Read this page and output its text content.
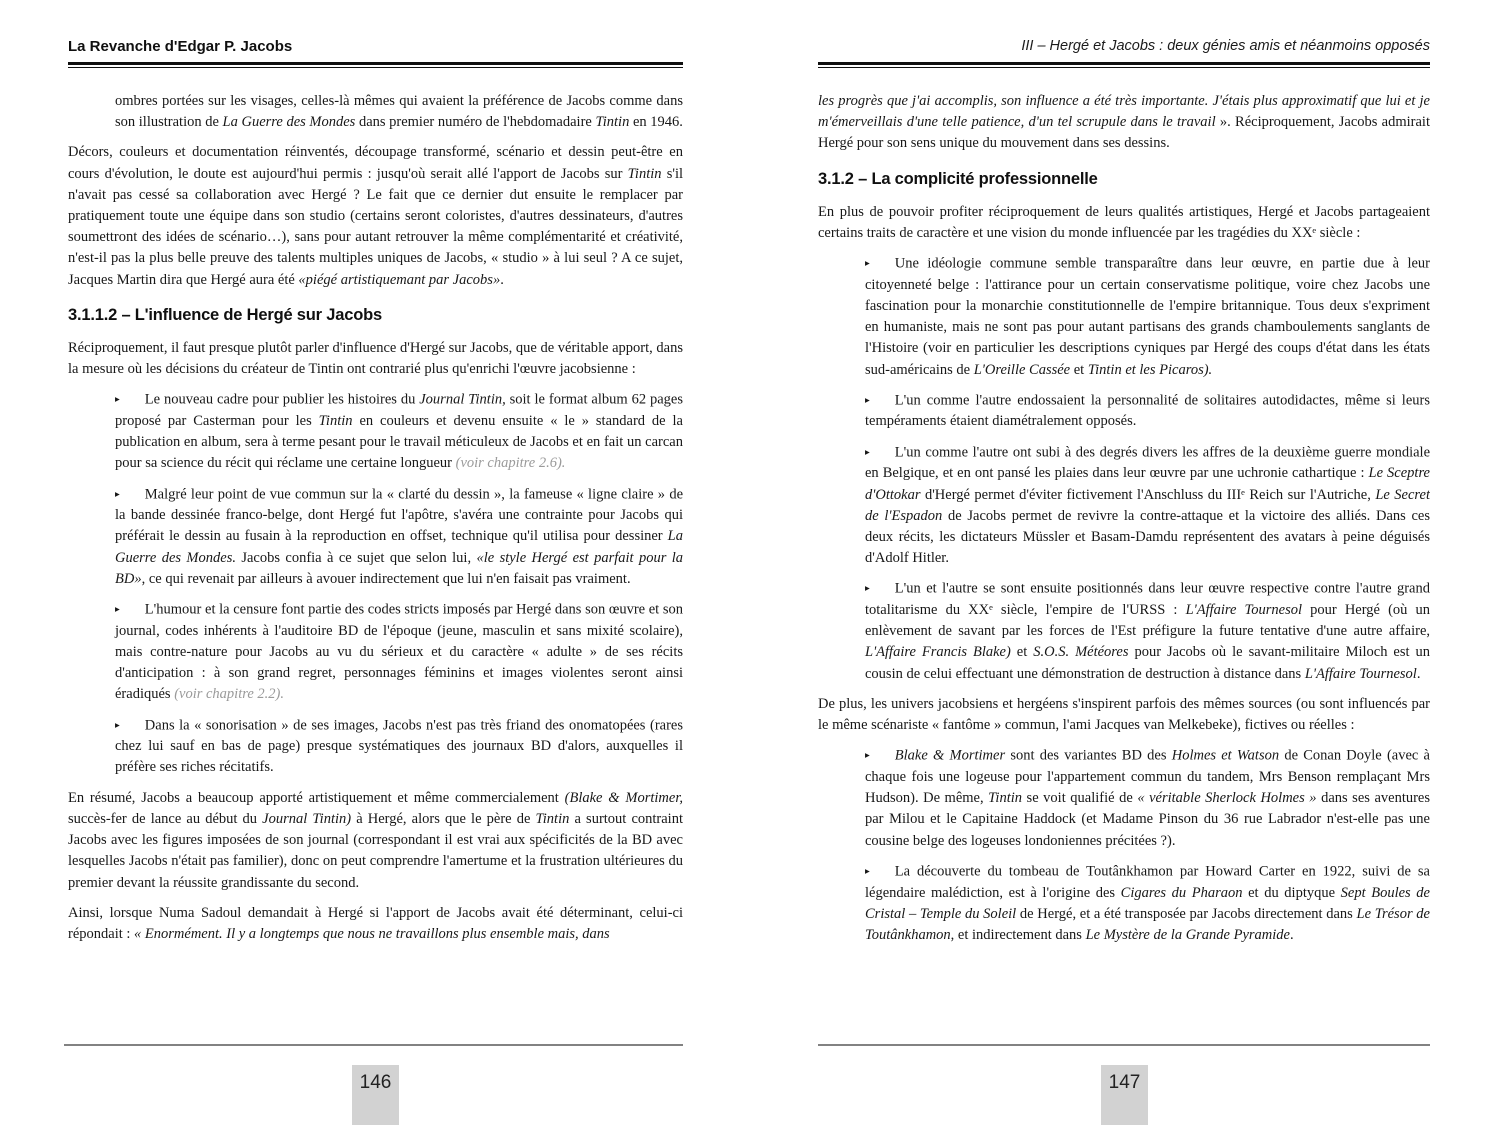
La Revanche d'Edgar P. Jacobs

ombres portées sur les visages, celles-là mêmes qui avaient la préférence de Jacobs comme dans son illustration de La Guerre des Mondes dans premier numéro de l'hebdomadaire Tintin en 1946.

Décors, couleurs et documentation réinventés, découpage transformé, scénario et dessin peut-être en cours d'évolution, le doute est aujourd'hui permis : jusqu'où serait allé l'apport de Jacobs sur Tintin s'il n'avait pas cessé sa collaboration avec Hergé ? Le fait que ce dernier dut ensuite le remplacer par pratiquement toute une équipe dans son studio (certains seront coloristes, d'autres dessinateurs, d'autres soumettront des idées de scénario…), sans pour autant retrouver la même complémentarité et créativité, n'est-il pas la plus belle preuve des talents multiples uniques de Jacobs, « studio » à lui seul ? A ce sujet, Jacques Martin dira que Hergé aura été «piégé artistiquemant par Jacobs».

3.1.1.2 – L'influence de Hergé sur Jacobs

Réciproquement, il faut presque plutôt parler d'influence d'Hergé sur Jacobs, que de véritable apport, dans la mesure où les décisions du créateur de Tintin ont contrarié plus qu'enrichi l'œuvre jacobsienne :

▸ Le nouveau cadre pour publier les histoires du Journal Tintin, soit le format album 62 pages proposé par Casterman pour les Tintin en couleurs et devenu ensuite « le » standard de la publication en album, sera à terme pesant pour le travail méticuleux de Jacobs et en fait un carcan pour sa science du récit qui réclame une certaine longueur (voir chapitre 2.6).

▸ Malgré leur point de vue commun sur la « clarté du dessin », la fameuse « ligne claire » de la bande dessinée franco-belge, dont Hergé fut l'apôtre, s'avéra une contrainte pour Jacobs qui préférait le dessin au fusain à la reproduction en offset, technique qu'il utilisa pour dessiner La Guerre des Mondes. Jacobs confia à ce sujet que selon lui, «le style Hergé est parfait pour la BD», ce qui revenait par ailleurs à avouer indirectement que lui n'en faisait pas vraiment.

▸ L'humour et la censure font partie des codes stricts imposés par Hergé dans son œuvre et son journal, codes inhérents à l'auditoire BD de l'époque (jeune, masculin et sans mixité scolaire), mais contre-nature pour Jacobs au vu du sérieux et du caractère « adulte » de ses récits d'anticipation : à son grand regret, personnages féminins et images violentes seront ainsi éradiqués (voir chapitre 2.2).

▸ Dans la « sonorisation » de ses images, Jacobs n'est pas très friand des onomatopées (rares chez lui sauf en bas de page) presque systématiques des journaux BD d'alors, auxquelles il préfère ses riches récitatifs.

En résumé, Jacobs a beaucoup apporté artistiquement et même commercialement (Blake & Mortimer, succès-fer de lance au début du Journal Tintin) à Hergé, alors que le père de Tintin a surtout contraint Jacobs avec les figures imposées de son journal (correspondant il est vrai aux spécificités de la BD avec lesquelles Jacobs n'était pas familier), donc on peut comprendre l'amertume et la frustration ultérieures du premier devant la réussite grandissante du second.

Ainsi, lorsque Numa Sadoul demandait à Hergé si l'apport de Jacobs avait été déterminant, celui-ci répondait : « Enormément. Il y a longtemps que nous ne travaillons plus ensemble mais, dans

III – Hergé et Jacobs : deux génies amis et néanmoins opposés

les progrès que j'ai accomplis, son influence a été très importante. J'étais plus approximatif que lui et je m'émerveillais d'une telle patience, d'un tel scrupule dans le travail ». Réciproquement, Jacobs admirait Hergé pour son sens unique du mouvement dans ses dessins.

3.1.2 – La complicité professionnelle

En plus de pouvoir profiter réciproquement de leurs qualités artistiques, Hergé et Jacobs partageaient certains traits de caractère et une vision du monde influencée par les tragédies du XXᵉ siècle :

▸ Une idéologie commune semble transparaître dans leur œuvre, en partie due à leur citoyenneté belge : l'attirance pour un certain conservatisme politique, voire chez Jacobs une fascination pour la monarchie constitutionnelle de l'empire britannique. Tous deux s'expriment en humaniste, mais ne sont pas pour autant partisans des grands chamboulements sanglants de l'Histoire (voir en particulier les descriptions cyniques par Hergé des coups d'état dans les états sud-américains de L'Oreille Cassée et Tintin et les Picaros).

▸ L'un comme l'autre endossaient la personnalité de solitaires autodidactes, même si leurs tempéraments étaient diamétralement opposés.

▸ L'un comme l'autre ont subi à des degrés divers les affres de la deuxième guerre mondiale en Belgique, et en ont pansé les plaies dans leur œuvre par une uchronie cathartique : Le Sceptre d'Ottokar d'Hergé permet d'éviter fictivement l'Anschluss du IIIᵉ Reich sur l'Autriche, Le Secret de l'Espadon de Jacobs permet de revivre la contre-attaque et la victoire des alliés. Dans ces deux récits, les dictateurs Müssler et Basam-Damdu représentent des avatars à peine déguisés d'Adolf Hitler.

▸ L'un et l'autre se sont ensuite positionnés dans leur œuvre respective contre l'autre grand totalitarisme du XXᵉ siècle, l'empire de l'URSS : L'Affaire Tournesol pour Hergé (où un enlèvement de savant par les forces de l'Est préfigure la future tentative d'une autre affaire, L'Affaire Francis Blake) et S.O.S. Météores pour Jacobs où le savant-militaire Miloch est un cousin de celui effectuant une démonstration de destruction à distance dans L'Affaire Tournesol.

De plus, les univers jacobsiens et hergéens s'inspirent parfois des mêmes sources (ou sont influencés par le même scénariste « fantôme » commun, l'ami Jacques van Melkebeke), fictives ou réelles :

▸ Blake & Mortimer sont des variantes BD des Holmes et Watson de Conan Doyle (avec à chaque fois une logeuse pour l'appartement commun du tandem, Mrs Benson remplaçant Mrs Hudson). De même, Tintin se voit qualifié de « véritable Sherlock Holmes » dans ses aventures par Milou et le Capitaine Haddock (et Madame Pinson du 36 rue Labrador n'est-elle pas une cousine belge des logeuses londoniennes précitées ?).

▸ La découverte du tombeau de Toutânkhamon par Howard Carter en 1922, suivi de sa légendaire malédiction, est à l'origine des Cigares du Pharaon et du diptyque Sept Boules de Cristal – Temple du Soleil de Hergé, et a été transposée par Jacobs directement dans Le Trésor de Toutânkhamon, et indirectement dans Le Mystère de la Grande Pyramide.

146	147
